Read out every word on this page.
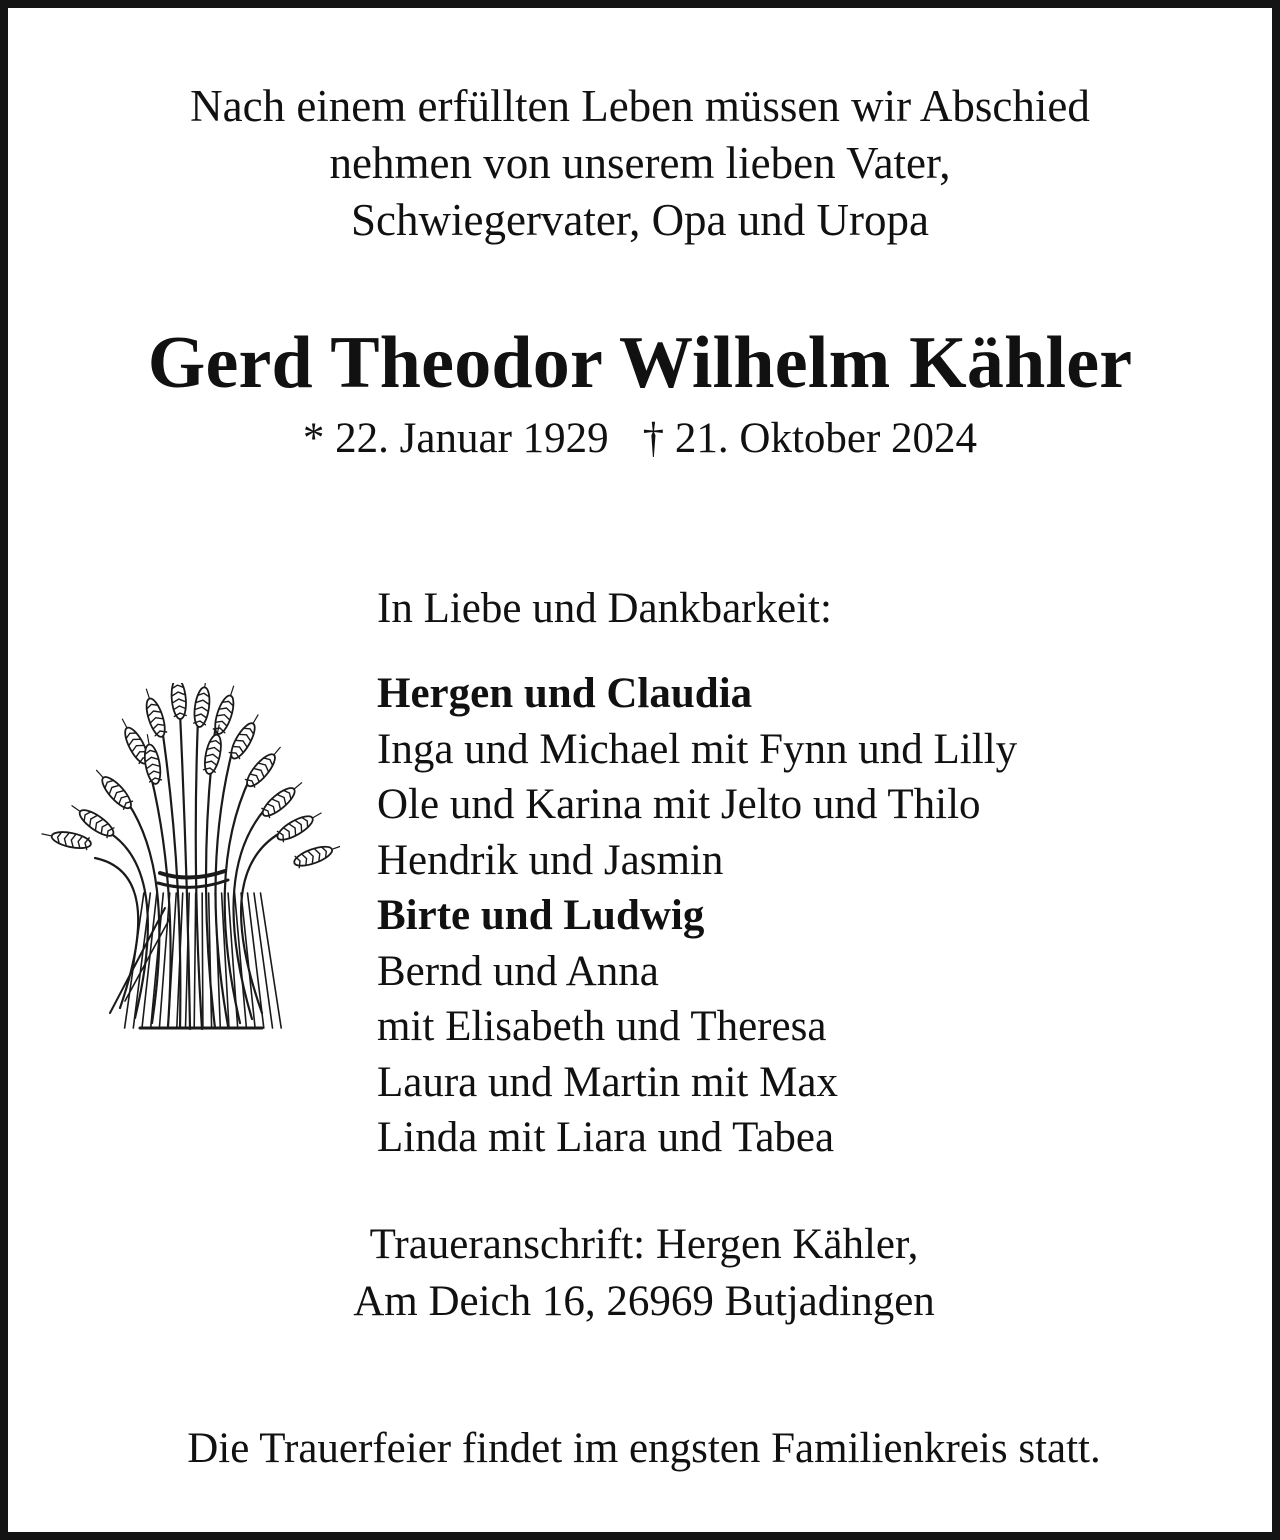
Nach einem erfüllten Leben müssen wir Abschied
nehmen von unserem lieben Vater,
Schwiegervater, Opa und Uropa
Gerd Theodor Wilhelm Kähler
* 22. Januar 1929 † 21. Oktober 2024
In Liebe und Dankbarkeit:
Hergen und Claudia
Inga und Michael mit Fynn und Lilly
Ole und Karina mit Jelto und Thilo
Hendrik und Jasmin
Birte und Ludwig
Bernd und Anna
mit Elisabeth und Theresa
Laura und Martin mit Max
Linda mit Liara und Tabea
Traueranschrift: Hergen Kähler,
Am Deich 16, 26969 Butjadingen
Die Trauerfeier findet im engsten Familienkreis statt.
